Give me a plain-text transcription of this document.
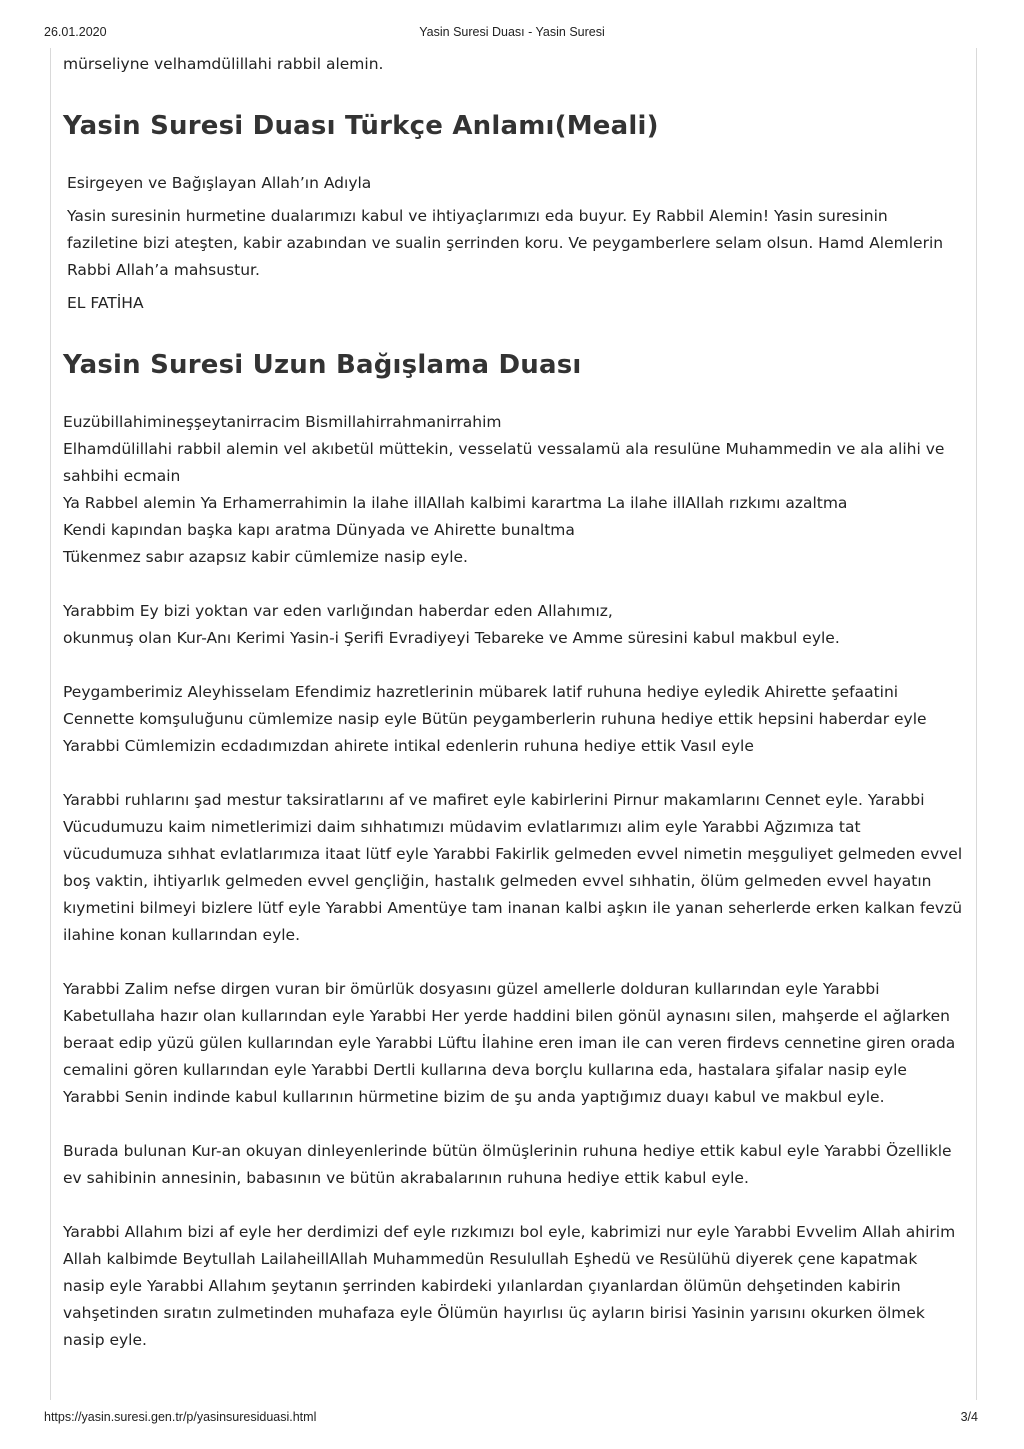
26.01.2020	Yasin Suresi Duası - Yasin Suresi

mürseliyne velhamdülillahi rabbil alemin.

Yasin Suresi Duası Türkçe Anlamı(Meali)

Esirgeyen ve Bağışlayan Allah’ın Adıyla

Yasin suresinin hurmetine dualarımızı kabul ve ihtiyaçlarımızı eda buyur. Ey Rabbil Alemin! Yasin suresinin faziletine bizi ateşten, kabir azabından ve sualin şerrinden koru. Ve peygamberlere selam olsun. Hamd Alemlerin Rabbi Allah’a mahsustur.

EL FATİHA

Yasin Suresi Uzun Bağışlama Duası

Euzübillahimineşşeytanirracim Bismillahirrahmanirrahim

Elhamdülillahi rabbil alemin vel akıbetül müttekin, vesselatü vessalamü ala resulüne Muhammedin ve ala alihi ve sahbihi ecmain

Ya Rabbel alemin Ya Erhamerrahimin la ilahe illAllah kalbimi karartma La ilahe illAllah rızkımı azaltma

Kendi kapından başka kapı aratma Dünyada ve Ahirette bunaltma

Tükenmez sabır azapsız kabir cümlemize nasip eyle.

Yarabbim Ey bizi yoktan var eden varlığından haberdar eden Allahımız,

okunmuş olan Kur-Anı Kerimi Yasin-i Şerifi Evradiyeyi Tebareke ve Amme süresini kabul makbul eyle.

Peygamberimiz Aleyhisselam Efendimiz hazretlerinin mübarek latif ruhuna hediye eyledik Ahirette şefaatini Cennette komşuluğunu cümlemize nasip eyle Bütün peygamberlerin ruhuna hediye ettik hepsini haberdar eyle Yarabbi Cümlemizin ecdadımızdan ahirete intikal edenlerin ruhuna hediye ettik Vasıl eyle

Yarabbi ruhlarını şad mestur taksiratlarını af ve mafiret eyle kabirlerini Pirnur makamlarını Cennet eyle. Yarabbi Vücudumuzu kaim nimetlerimizi daim sıhhatımızı müdavim evlatlarımızı alim eyle Yarabbi Ağzımıza tat vücudumuza sıhhat evlatlarımıza itaat lütf eyle Yarabbi Fakirlik gelmeden evvel nimetin meşguliyet gelmeden evvel boş vaktin, ihtiyarlık gelmeden evvel gençliğin, hastalık gelmeden evvel sıhhatin, ölüm gelmeden evvel hayatın kıymetini bilmeyi bizlere lütf eyle Yarabbi Amentüye tam inanan kalbi aşkın ile yanan seherlerde erken kalkan fevzü ilahine konan kullarından eyle.

Yarabbi Zalim nefse dirgen vuran bir ömürlük dosyasını güzel amellerle dolduran kullarından eyle Yarabbi Kabetullaha hazır olan kullarından eyle Yarabbi Her yerde haddini bilen gönül aynasını silen, mahşerde el ağlarken beraat edip yüzü gülen kullarından eyle Yarabbi Lüftu İlahine eren iman ile can veren firdevs cennetine giren orada cemalini gören kullarından eyle Yarabbi Dertli kullarına deva borçlu kullarına eda, hastalara şifalar nasip eyle Yarabbi Senin indinde kabul kullarının hürmetine bizim de şu anda yaptığımız duayı kabul ve makbul eyle.

Burada bulunan Kur-an okuyan dinleyenlerinde bütün ölmüşlerinin ruhuna hediye ettik kabul eyle Yarabbi Özellikle ev sahibinin annesinin, babasının ve bütün akrabalarının ruhuna hediye ettik kabul eyle.

Yarabbi Allahım bizi af eyle her derdimizi def eyle rızkımızı bol eyle, kabrimizi nur eyle Yarabbi Evvelim Allah ahirim Allah kalbimde Beytullah LailaheillAllah Muhammedün Resulullah Eşhedü ve Resülühü diyerek çene kapatmak nasip eyle Yarabbi Allahım şeytanın şerrinden kabirdeki yılanlardan çıyanlardan ölümün dehşetinden kabirin vahşetinden sıratın zulmetinden muhafaza eyle Ölümün hayırlısı üç ayların birisi Yasinin yarısını okurken ölmek nasip eyle.

https://yasin.suresi.gen.tr/p/yasinsuresiduasi.html	3/4
